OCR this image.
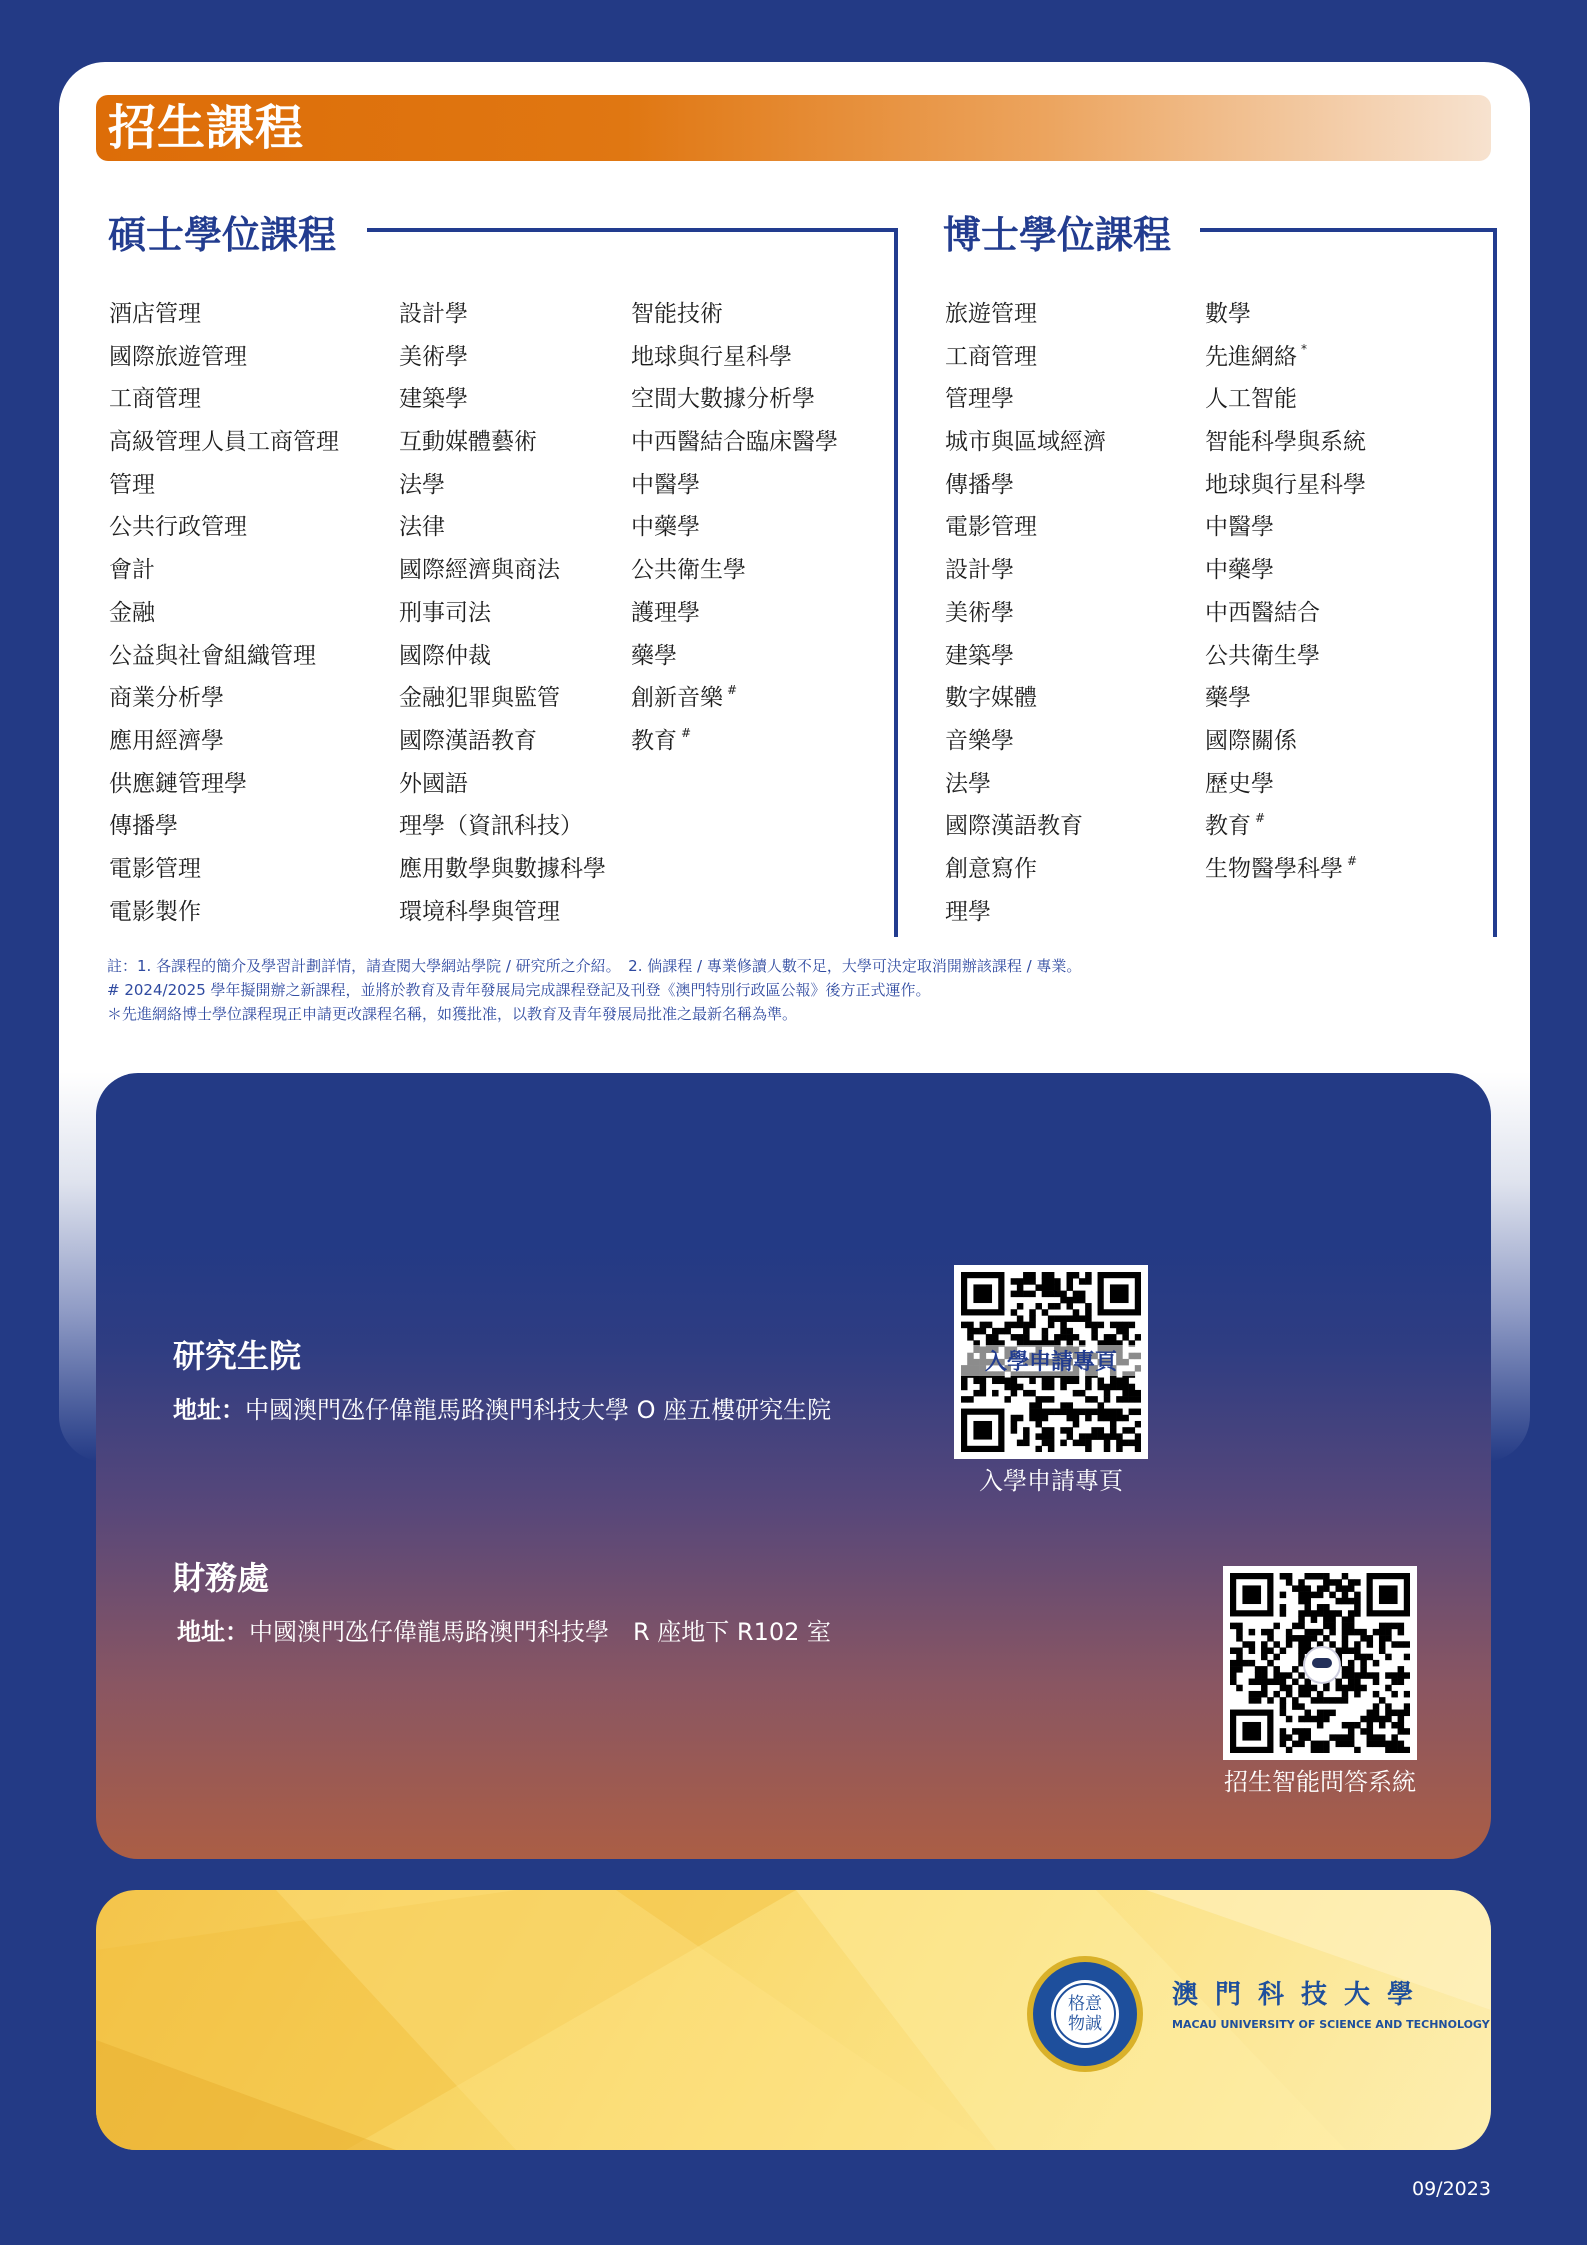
招生課程
碩士學位課程
酒店管理
國際旅遊管理
工商管理
高級管理人員工商管理
管理
公共行政管理
會計
金融
公益與社會組織管理
商業分析學
應用經濟學
供應鏈管理學
傳播學
電影管理
電影製作
設計學
美術學
建築學
互動媒體藝術
法學
法律
國際經濟與商法
刑事司法
國際仲裁
金融犯罪與監管
國際漢語教育
外國語
理學（資訊科技）
應用數學與數據科學
環境科學與管理
智能技術
地球與行星科學
空間大數據分析學
中西醫結合臨床醫學
中醫學
中藥學
公共衛生學
護理學
藥學
創新音樂 #
教育 #
博士學位課程
旅遊管理
工商管理
管理學
城市與區域經濟
傳播學
電影管理
設計學
美術學
建築學
數字媒體
音樂學
法學
國際漢語教育
創意寫作
理學
數學
先進網絡 *
人工智能
智能科學與系統
地球與行星科學
中醫學
中藥學
中西醫結合
公共衛生學
藥學
國際關係
歷史學
教育 #
生物醫學科學 #
註：1. 各課程的簡介及學習計劃詳情，請查閱大學網站學院 / 研究所之介紹。　2. 倘課程 / 專業修讀人數不足，大學可決定取消開辦該課程 / 專業。
# 2024/2025 學年擬開辦之新課程，並將於教育及青年發展局完成課程登記及刊登《澳門特別行政區公報》後方正式運作。
＊先進網絡博士學位課程現正申請更改課程名稱，如獲批准，以教育及青年發展局批准之最新名稱為準。
研究生院
地址：中國澳門氹仔偉龍馬路澳門科技大學 O 座五樓研究生院
入學申請專頁
入學申請專頁
財務處
地址：中國澳門氹仔偉龍馬路澳門科技學　R 座地下 R102 室
招生智能問答系統
格意
物誠
澳門科技大學
MACAU UNIVERSITY OF SCIENCE AND TECHNOLOGY
09/2023
